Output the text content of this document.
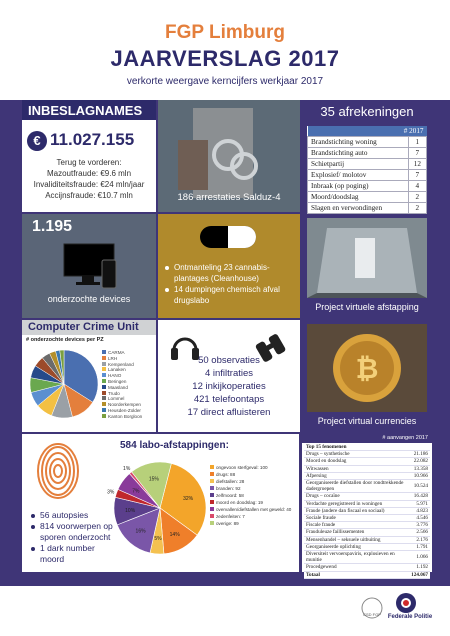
FGP Limburg
JAARVERSLAG 2017
verkorte weergave kerncijfers werkjaar 2017
INBESLAGNAMES
€ 11.027.155
Terug te vorderen:
Mazoutfraude: €9.6 mln
Invaliditeitsfraude: €24 mln/jaar
Accijnsfraude: €10.7 mln	186 arrestaties Salduz-4
35 afrekeningen
# 2017	
Brandstichting woning	1
Brandstichting auto	7
Schietpartij	12
Explosief/ molotov	7
Inbraak (op poging)	4
Moord/doodslag	2
Slagen en verwondingen	2
1.195
onderzochte devices
Ontmanteling 23 cannabis-plantages (Cleanhouse)
14 dumpingen chemisch afval drugslabo
Project virtuele afstapping
Computer Crime Unit
# onderzochte devices per PZ
CARMA
LRH
Kempenland
Lanaken
HANO
Beringen
Maasland
Trudo
Lommel
Noorderkempen
Heusden-Zolder
Kanton Borgloon
50 observaties
4 infiltraties
12 inkijkoperaties
421 telefoontaps
17 direct afluisteren
₿
Project virtual currencies
56 autopsies
814 voorwerpen op sporen onderzocht
1 dark number moord
584 labo-afstappingen:
32%
14%
5%
16%
10%
3%	7%
1%
15%
ongevoon sterfgeval: 100
drugs: 88
diefstallen: 28
branden: 92
zelfmoord: 58
moord en doodslag: 19
overvallen/diefstallen met geweld: 40
zedenfeiten: 7
overige: 89
# aanvangen 2017
Top 15 fenomenen	
Drugs – synthetische	21.186
Moord en doodslag	22.082
Witwassen	13.358
Afpersing	10.966
Georganiseerde diefstallen door rondtrekkende dadergroepen	10.524
Drugs – cocaïne	16.428
Verdachte geregistreerd in woningen	5.971
Fraude (andere dan fiscaal en sociaal)	4.823
Sociale fraude	4.546
Fiscale fraude	3.776
Frauduleuze faillissementen	2.566
Mensenhandel – seksuele uitbuiting	2.176
Georganiseerde oplichting	1.791
Diversiteit vervoerspaviris, explosieven en munitie	1.066
Procedgewend	1.192
Totaal	124.067
CSD FGP	Federale Politie
